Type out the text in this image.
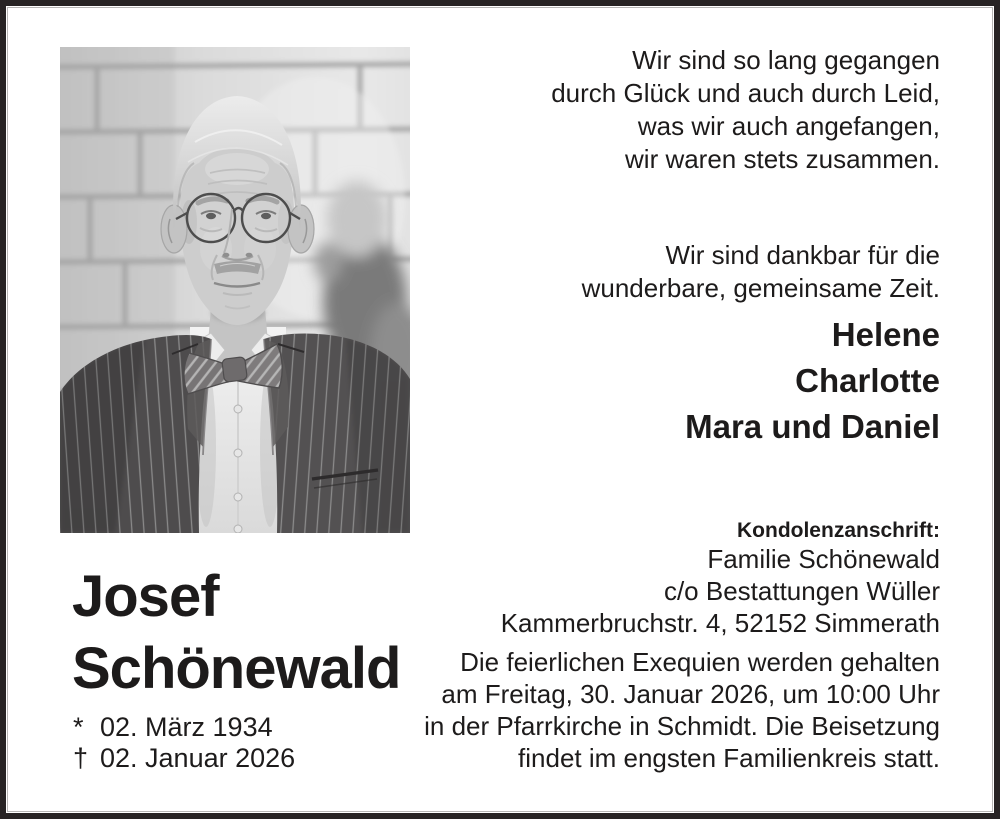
Josef
Schönewald
* 02. März 1934
† 02. Januar 2026
Wir sind so lang gegangen
durch Glück und auch durch Leid,
was wir auch angefangen,
wir waren stets zusammen.
Wir sind dankbar für die
wunderbare, gemeinsame Zeit.
Helene
Charlotte
Mara und Daniel
Kondolenzanschrift:
Familie Schönewald
c/o Bestattungen Wüller
Kammerbruchstr. 4, 52152 Simmerath
Die feierlichen Exequien werden gehalten
am Freitag, 30. Januar 2026, um 10:00 Uhr
in der Pfarrkirche in Schmidt. Die Beisetzung
findet im engsten Familienkreis statt.
